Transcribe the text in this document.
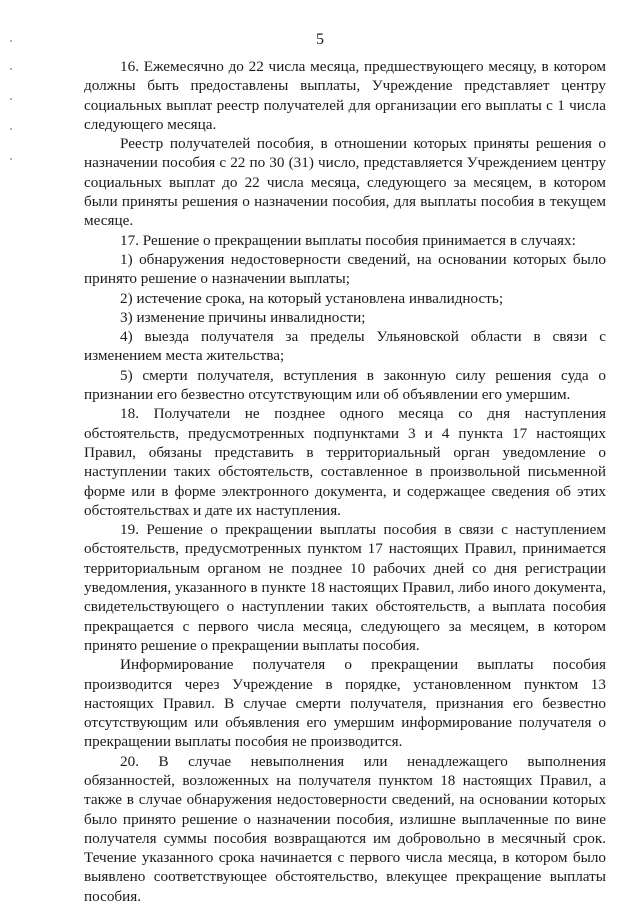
5

16. Ежемесячно до 22 числа месяца, предшествующего месяцу, в котором должны быть предоставлены выплаты, Учреждение представляет центру социальных выплат реестр получателей для организации его выплаты с 1 числа следующего месяца.

Реестр получателей пособия, в отношении которых приняты решения о назначении пособия с 22 по 30 (31) число, представляется Учреждением центру социальных выплат до 22 числа месяца, следующего за месяцем, в котором были приняты решения о назначении пособия, для выплаты пособия в текущем месяце.

17. Решение о прекращении выплаты пособия принимается в случаях:

1) обнаружения недостоверности сведений, на основании которых было принято решение о назначении выплаты;

2) истечение срока, на который установлена инвалидность;

3) изменение причины инвалидности;

4) выезда получателя за пределы Ульяновской области в связи с изменением места жительства;

5) смерти получателя, вступления в законную силу решения суда о признании его безвестно отсутствующим или об объявлении его умершим.

18. Получатели не позднее одного месяца со дня наступления обстоятельств, предусмотренных подпунктами 3 и 4 пункта 17 настоящих Правил, обязаны представить в территориальный орган уведомление о наступлении таких обстоятельств, составленное в произвольной письменной форме или в форме электронного документа, и содержащее сведения об этих обстоятельствах и дате их наступления.

19. Решение о прекращении выплаты пособия в связи с наступлением обстоятельств, предусмотренных пунктом 17 настоящих Правил, принимается территориальным органом не позднее 10 рабочих дней со дня регистрации уведомления, указанного в пункте 18 настоящих Правил, либо иного документа, свидетельствующего о наступлении таких обстоятельств, а выплата пособия прекращается с первого числа месяца, следующего за месяцем, в котором принято решение о прекращении выплаты пособия.

Информирование получателя о прекращении выплаты пособия производится через Учреждение в порядке, установленном пунктом 13 настоящих Правил. В случае смерти получателя, признания его безвестно отсутствующим или объявления его умершим информирование получателя о прекращении выплаты пособия не производится.

20. В случае невыполнения или ненадлежащего выполнения обязанностей, возложенных на получателя пунктом 18 настоящих Правил, а также в случае обнаружения недостоверности сведений, на основании которых было принято решение о назначении пособия, излишне выплаченные по вине получателя суммы пособия возвращаются им добровольно в месячный срок. Течение указанного срока начинается с первого числа месяца, в котором было выявлено соответствующее обстоятельство, влекущее прекращение выплаты пособия.
